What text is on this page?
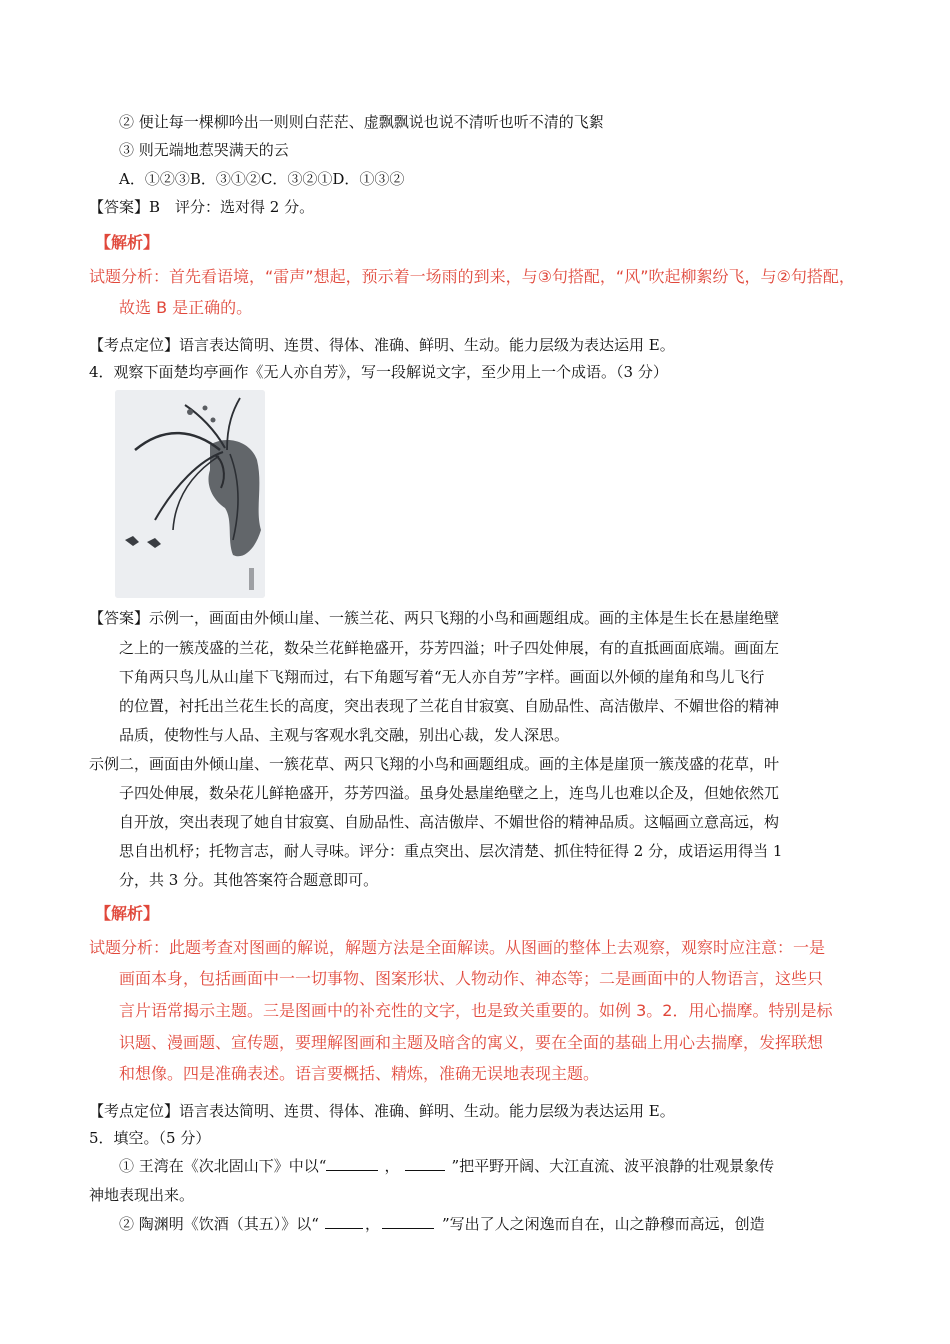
② 便让每一棵柳吟出一则则白茫茫、虚飘飘说也说不清听也听不清的飞絮
③ 则无端地惹哭满天的云
A．①②③B．③①②C．③②①D．①③②
【答案】B　评分：选对得 2 分。
【解析】
试题分析：首先看语境，“雷声”想起，预示着一场雨的到来，与③句搭配，“风”吹起柳絮纷飞，与②句搭配，
故选 B 是正确的。
【考点定位】语言表达简明、连贯、得体、准确、鲜明、生动。能力层级为表达运用 E。
4．观察下面楚均亭画作《无人亦自芳》，写一段解说文字，至少用上一个成语。（3 分）
【答案】示例一，画面由外倾山崖、一簇兰花、两只飞翔的小鸟和画题组成。画的主体是生长在悬崖绝壁
之上的一簇茂盛的兰花，数朵兰花鲜艳盛开，芬芳四溢；叶子四处伸展，有的直抵画面底端。画面左
下角两只鸟儿从山崖下飞翔而过，右下角题写着“无人亦自芳”字样。画面以外倾的崖角和鸟儿飞行
的位置，衬托出兰花生长的高度，突出表现了兰花自甘寂寞、自励品性、高洁傲岸、不媚世俗的精神
品质，使物性与人品、主观与客观水乳交融，别出心裁，发人深思。
示例二，画面由外倾山崖、一簇花草、两只飞翔的小鸟和画题组成。画的主体是崖顶一簇茂盛的花草，叶
子四处伸展，数朵花儿鲜艳盛开，芬芳四溢。虽身处悬崖绝壁之上，连鸟儿也难以企及，但她依然兀
自开放，突出表现了她自甘寂寞、自励品性、高洁傲岸、不媚世俗的精神品质。这幅画立意高远，构
思自出机杼；托物言志，耐人寻味。评分：重点突出、层次清楚、抓住特征得 2 分，成语运用得当 1
分，共 3 分。其他答案符合题意即可。
【解析】
试题分析：此题考查对图画的解说，解题方法是全面解读。从图画的整体上去观察，观察时应注意：一是
画面本身，包括画面中一一切事物、图案形状、人物动作、神态等；二是画面中的人物语言，这些只
言片语常揭示主题。三是图画中的补充性的文字，也是致关重要的。如例 3。2．用心揣摩。特别是标
识题、漫画题、宣传题，要理解图画和主题及暗含的寓义，要在全面的基础上用心去揣摩，发挥联想
和想像。四是准确表述。语言要概括、精炼，准确无误地表现主题。
【考点定位】语言表达简明、连贯、得体、准确、鲜明、生动。能力层级为表达运用 E。
5．填空。（5 分）
① 王湾在《次北固山下》中以“	，	”把平野开阔、大江直流、波平浪静的壮观景象传
神地表现出来。
② 陶渊明《饮酒（其五）》以“	，	”写出了人之闲逸而自在，山之静穆而高远，创造
